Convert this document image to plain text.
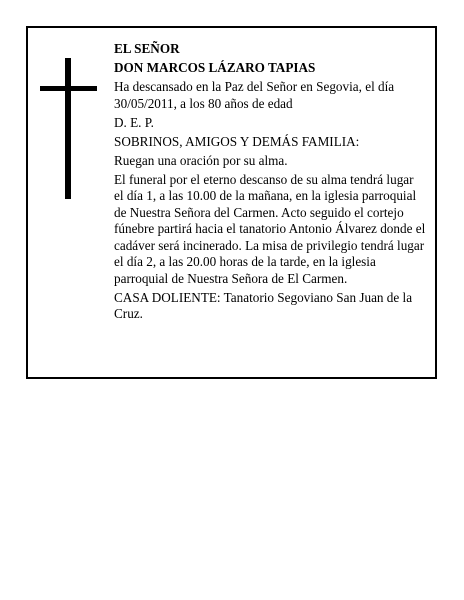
EL SEÑOR

DON MARCOS LÁZARO TAPIAS

Ha descansado en la Paz del Señor en Segovia, el día 30/05/2011, a los 80 años de edad

D. E. P.

SOBRINOS, AMIGOS Y DEMÁS FAMILIA:

Ruegan una oración por su alma.

El funeral por el eterno descanso de su alma tendrá lugar el día 1, a las 10.00 de la mañana, en la iglesia parroquial de Nuestra Señora del Carmen. Acto seguido el cortejo fúnebre partirá hacia el tanatorio Antonio Álvarez donde el cadáver será incinerado. La misa de privilegio tendrá lugar el día 2, a las 20.00 horas de la tarde, en la iglesia parroquial de Nuestra Señora de El Carmen.

CASA DOLIENTE: Tanatorio Segoviano San Juan de la Cruz.
